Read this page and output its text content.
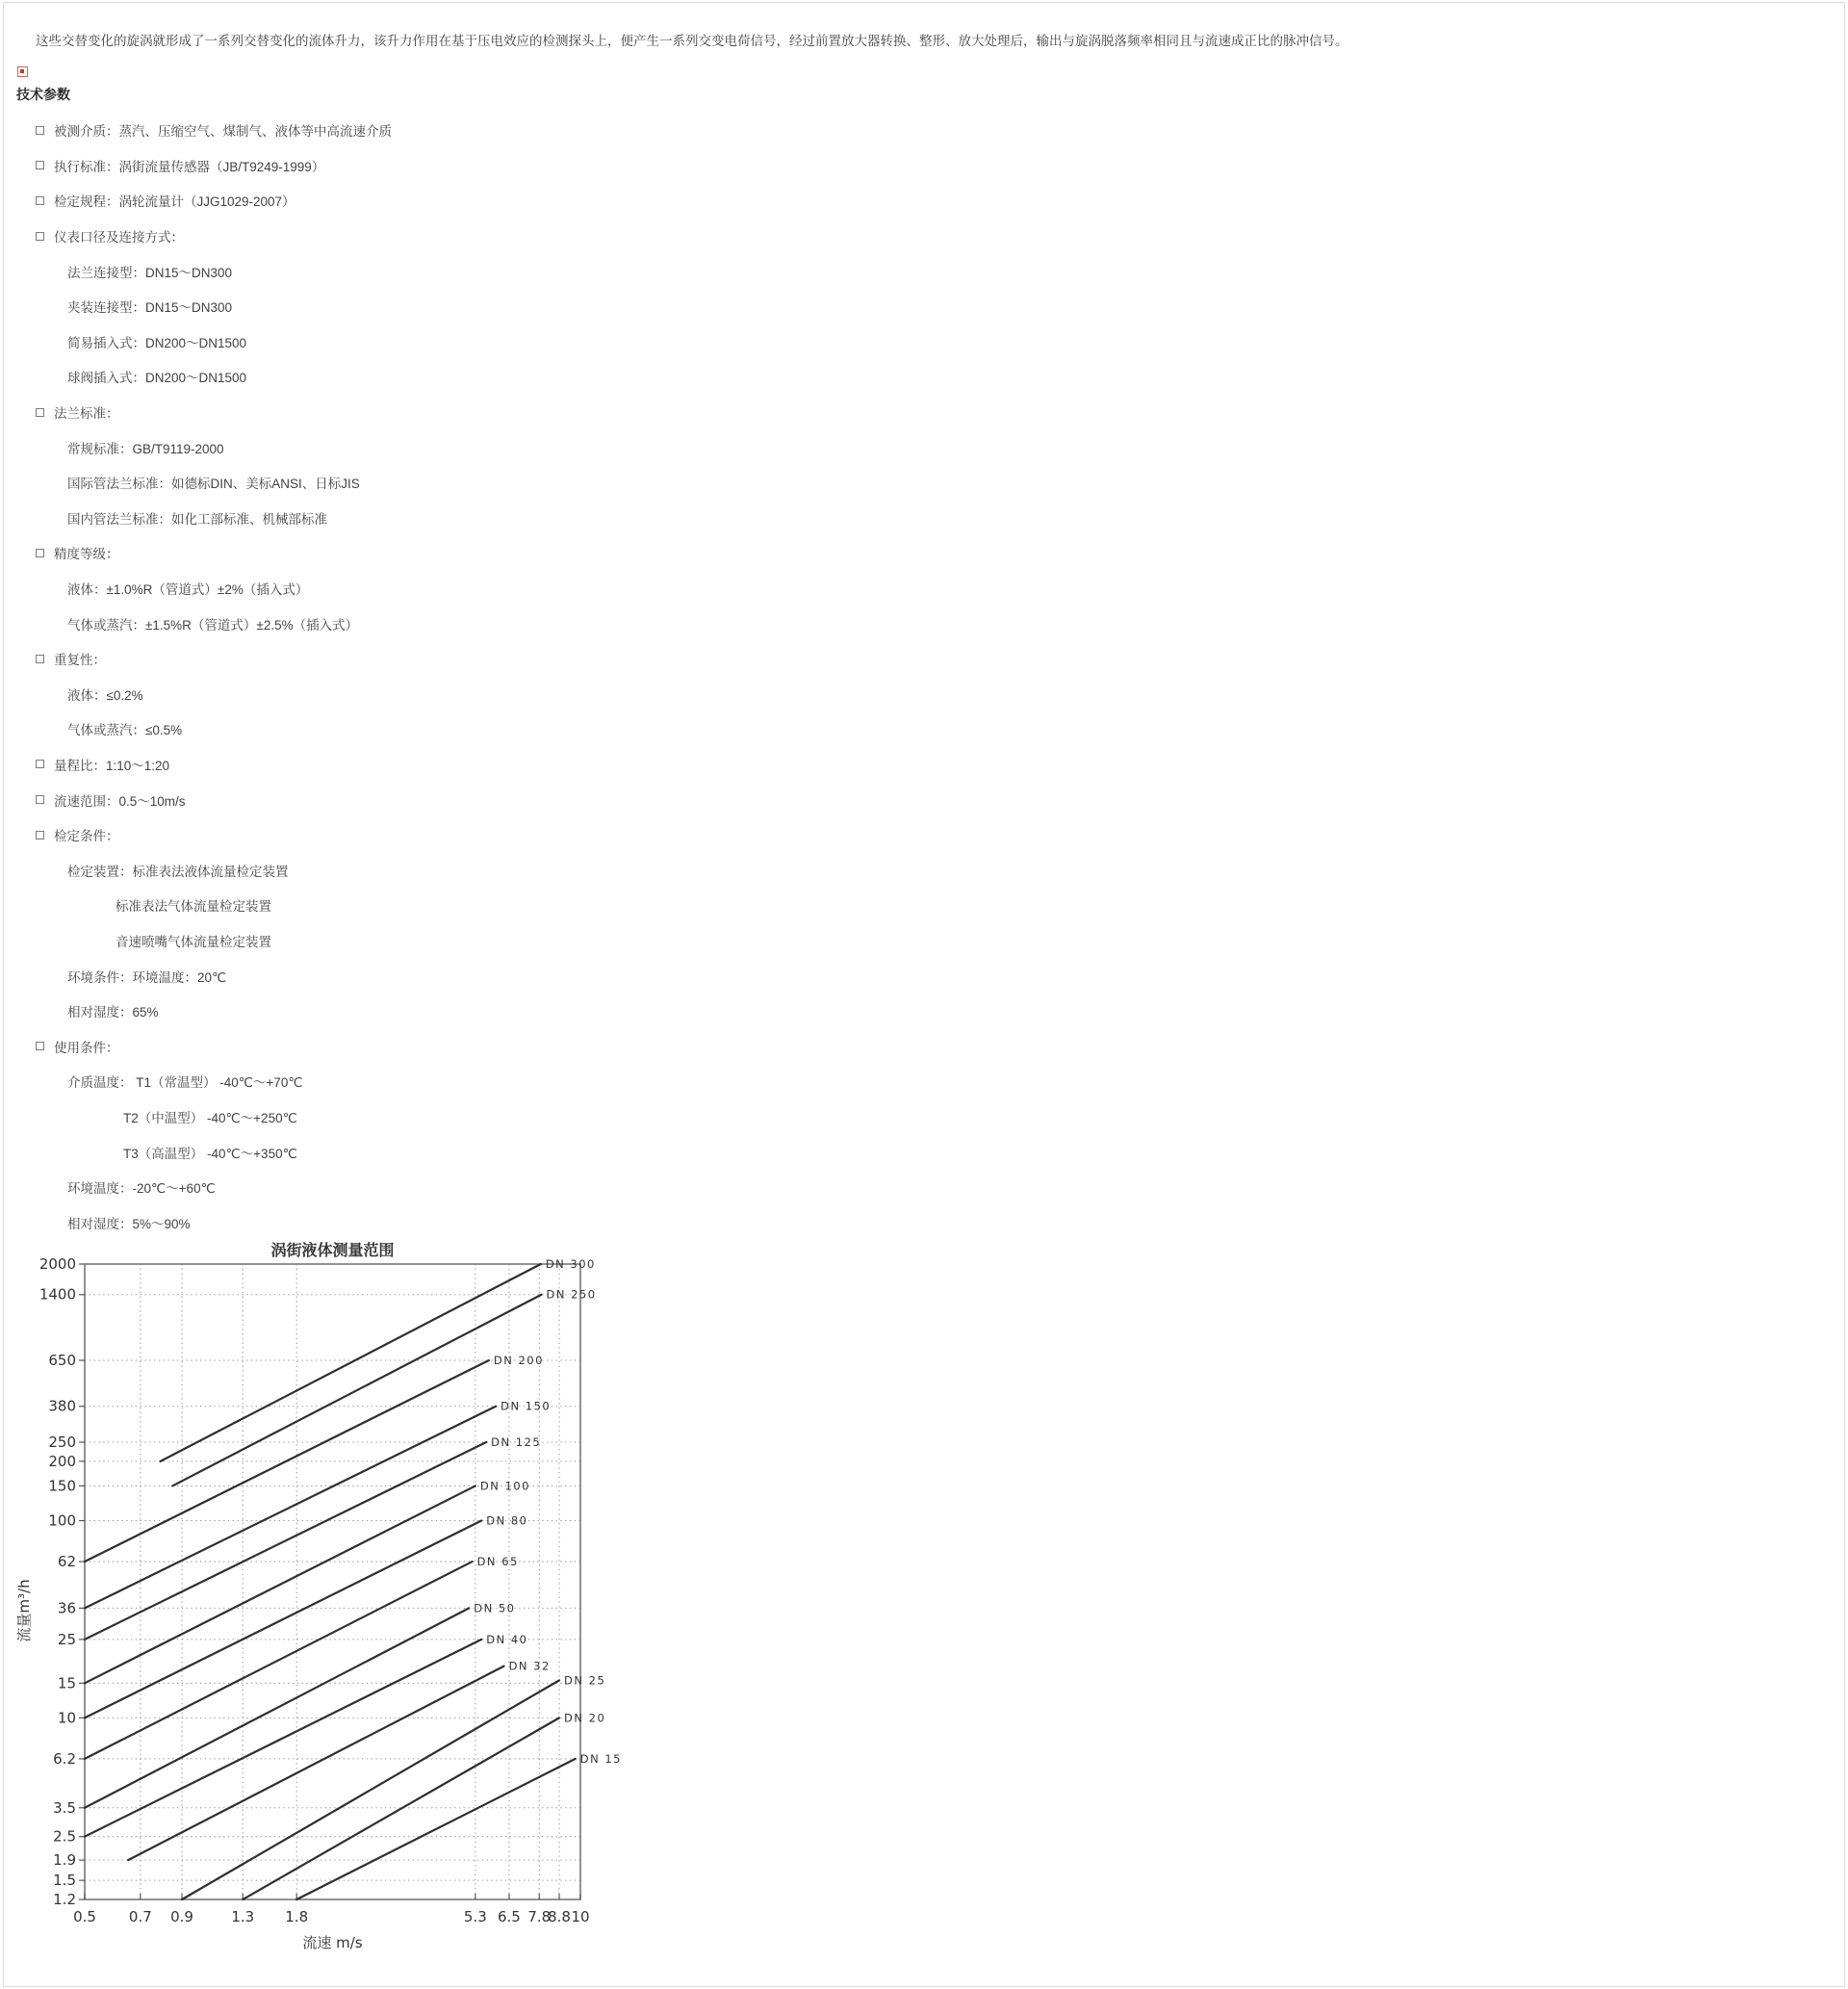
这些交替变化的旋涡就形成了一系列交替变化的流体升力，该升力作用在基于压电效应的检测探头上，便产生一系列交变电荷信号，经过前置放大器转换、整形、放大处理后，输出与旋涡脱落频率相同且与流速成正比的脉冲信号。

技术参数
被测介质：蒸汽、压缩空气、煤制气、液体等中高流速介质
执行标准：涡街流量传感器（JB/T9249-1999）
检定规程：涡轮流量计（JJG1029-2007）
仪表口径及连接方式：
法兰连接型：DN15～DN300
夹装连接型：DN15～DN300
简易插入式：DN200～DN1500
球阀插入式：DN200～DN1500
法兰标准：
常规标准：GB/T9119-2000
国际管法兰标准：如德标DIN、美标ANSI、日标JIS
国内管法兰标准：如化工部标准、机械部标准
精度等级：
液体：±1.0%R（管道式）±2%（插入式）
气体或蒸汽：±1.5%R（管道式）±2.5%（插入式）
重复性：
液体：≤0.2%
气体或蒸汽：≤0.5%
量程比：1:10～1:20
流速范围：0.5～10m/s
检定条件：
检定装置：标准表法液体流量检定装置
标准表法气体流量检定装置
音速喷嘴气体流量检定装置
环境条件：环境温度：20℃
相对湿度：65%
使用条件：
介质温度： T1（常温型） -40℃～+70℃
T2（中温型） -40℃～+250℃
T3（高温型） -40℃～+350℃
环境温度：-20℃～+60℃
相对湿度：5%～90%
0.5 0.7 0.9	1.3 1.8	5.3 6.5 7.8
8.8 10
1.2
1.5
1.9
2.5
3.5
6.2
10
15
25
36
62
100
150
200
250
380
650
1400
2000	DN 300
DN 250
DN 200
DN 150
DN 125
DN 100
DN 80
DN 65
DN 50
DN 40
DN 32
DN 25
DN 20
DN 15
涡街液体测量范围
流速 m/s
流量m³/h
